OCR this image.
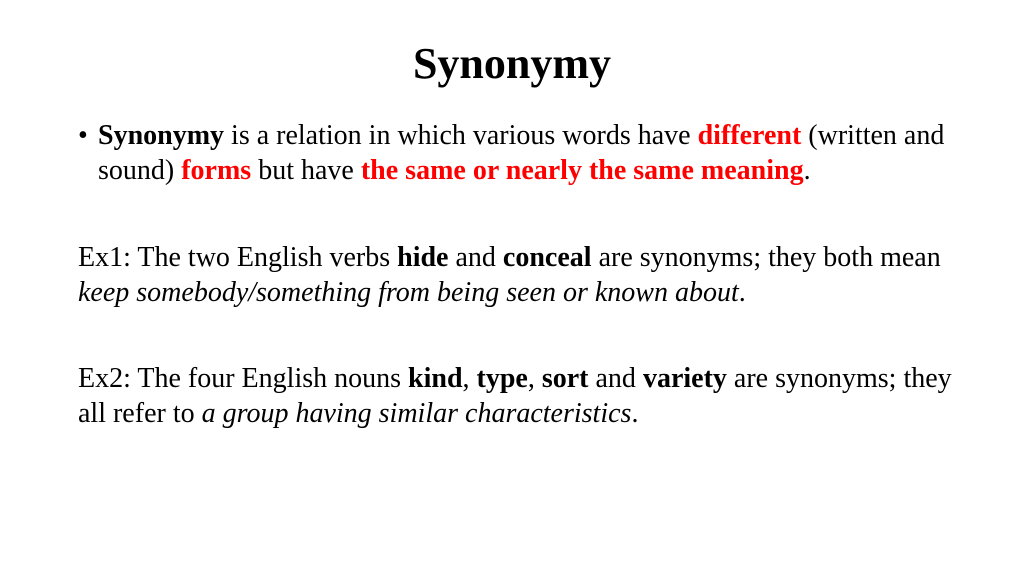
Synonymy
• Synonymy is a relation in which various words have different (written and sound) forms but have the same or nearly the same meaning.
Ex1: The two English verbs hide and conceal are synonyms; they both mean keep somebody/something from being seen or known about.
Ex2: The four English nouns kind, type, sort and variety are synonyms; they all refer to a group having similar characteristics.
